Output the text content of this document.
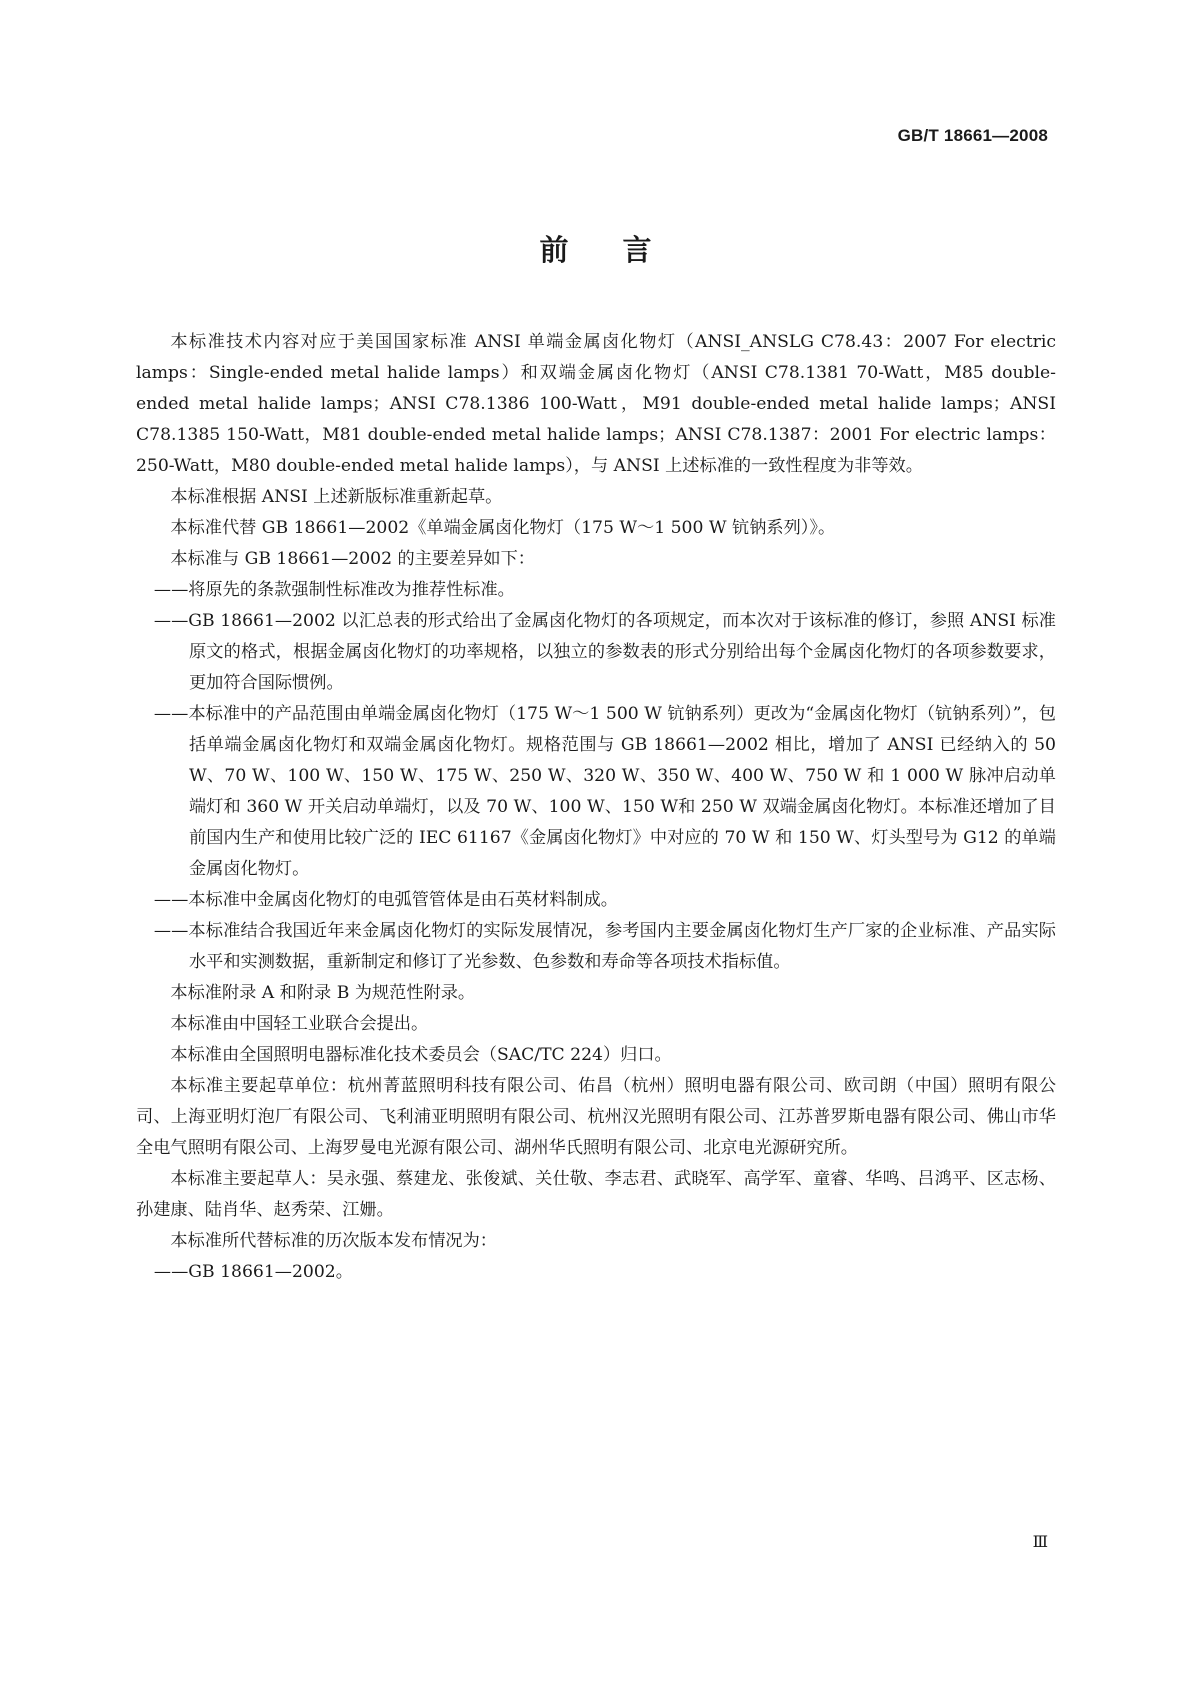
GB/T 18661—2008
前 言

本标准技术内容对应于美国国家标准 ANSI 单端金属卤化物灯（ANSI_ANSLG C78.43：2007 For electric lamps：Single-ended metal halide lamps）和双端金属卤化物灯（ANSI C78.1381 70-Watt，M85 double-ended metal halide lamps；ANSI C78.1386 100-Watt，M91 double-ended metal halide lamps；ANSI C78.1385 150-Watt，M81 double-ended metal halide lamps；ANSI C78.1387：2001 For electric lamps：250-Watt，M80 double-ended metal halide lamps），与 ANSI 上述标准的一致性程度为非等效。

本标准根据 ANSI 上述新版标准重新起草。

本标准代替 GB 18661—2002《单端金属卤化物灯（175 W～1 500 W 钪钠系列）》。

本标准与 GB 18661—2002 的主要差异如下：

——将原先的条款强制性标准改为推荐性标准。

——GB 18661—2002 以汇总表的形式给出了金属卤化物灯的各项规定，而本次对于该标准的修订，参照 ANSI 标准原文的格式，根据金属卤化物灯的功率规格，以独立的参数表的形式分别给出每个金属卤化物灯的各项参数要求，更加符合国际惯例。

——本标准中的产品范围由单端金属卤化物灯（175 W～1 500 W 钪钠系列）更改为“金属卤化物灯（钪钠系列）”，包括单端金属卤化物灯和双端金属卤化物灯。规格范围与 GB 18661—2002 相比，增加了 ANSI 已经纳入的 50 W、70 W、100 W、150 W、175 W、250 W、320 W、350 W、400 W、750 W 和 1 000 W 脉冲启动单端灯和 360 W 开关启动单端灯，以及 70 W、100 W、150 W和 250 W 双端金属卤化物灯。本标准还增加了目前国内生产和使用比较广泛的 IEC 61167《金属卤化物灯》中对应的 70 W 和 150 W、灯头型号为 G12 的单端金属卤化物灯。

——本标准中金属卤化物灯的电弧管管体是由石英材料制成。

——本标准结合我国近年来金属卤化物灯的实际发展情况，参考国内主要金属卤化物灯生产厂家的企业标准、产品实际水平和实测数据，重新制定和修订了光参数、色参数和寿命等各项技术指标值。

本标准附录 A 和附录 B 为规范性附录。

本标准由中国轻工业联合会提出。

本标准由全国照明电器标准化技术委员会（SAC/TC 224）归口。

本标准主要起草单位：杭州菁蓝照明科技有限公司、佑昌（杭州）照明电器有限公司、欧司朗（中国）照明有限公司、上海亚明灯泡厂有限公司、飞利浦亚明照明有限公司、杭州汉光照明有限公司、江苏普罗斯电器有限公司、佛山市华全电气照明有限公司、上海罗曼电光源有限公司、湖州华氏照明有限公司、北京电光源研究所。

本标准主要起草人：吴永强、蔡建龙、张俊斌、关仕敬、李志君、武晓军、高学军、童睿、华鸣、吕鸿平、区志杨、孙建康、陆肖华、赵秀荣、江姗。

本标准所代替标准的历次版本发布情况为：

——GB 18661—2002。

Ⅲ
